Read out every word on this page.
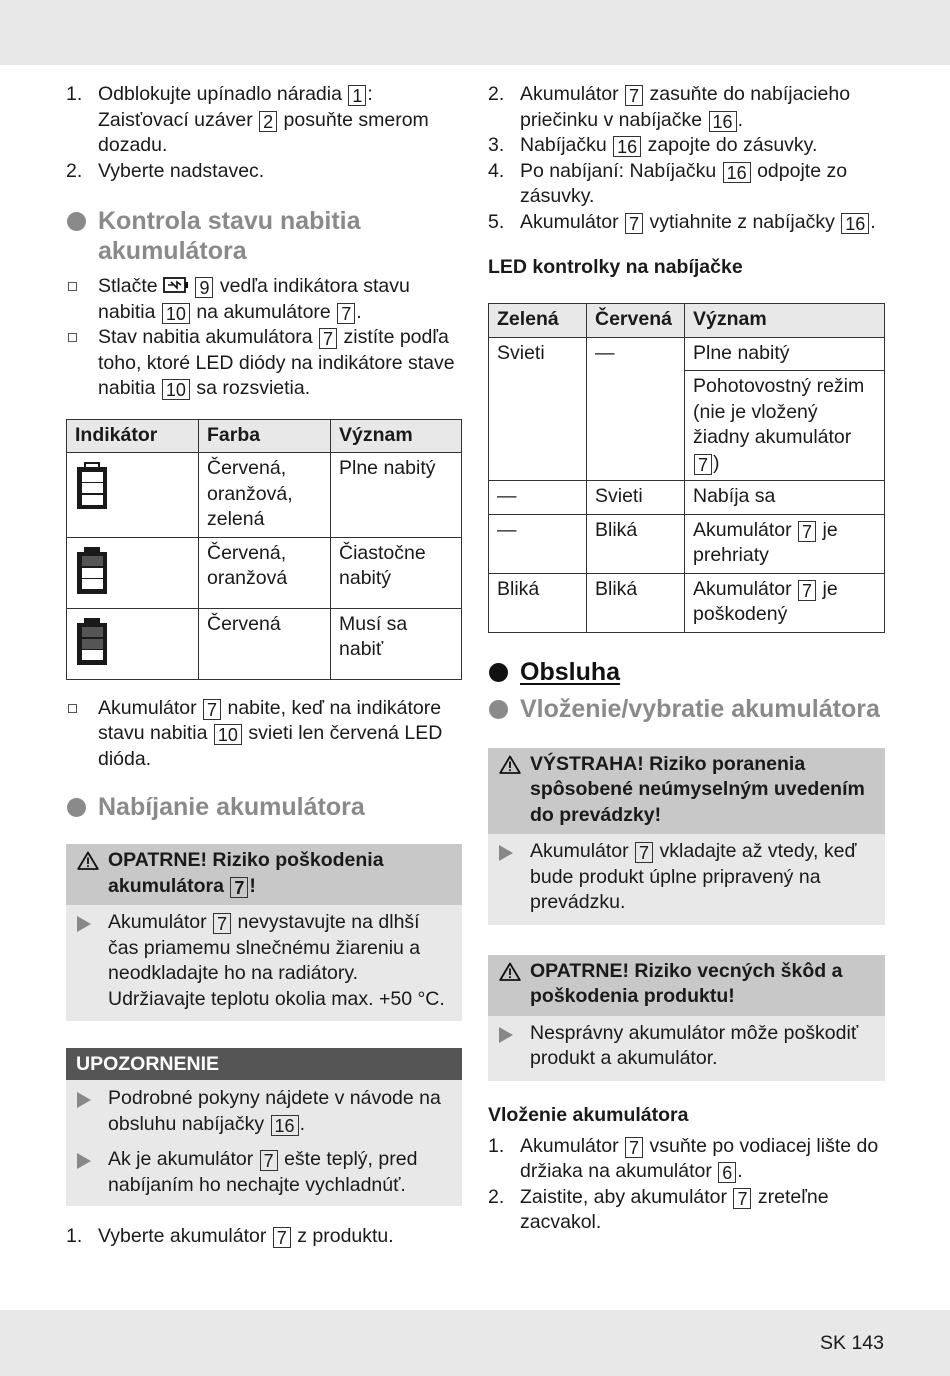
1. Odblokujte upínadlo náradia 1 : Zaisťovací uzáver 2 posuňte smerom dozadu.
2. Vyberte nadstavec.
Kontrola stavu nabitia akumulátora
Stlačte  9 vedľa indikátora stavu nabitia 10 na akumulátore 7 .
Stav nabitia akumulátora 7 zistíte podľa toho, ktoré LED diódy na indikátore stave nabitia 10 sa rozsvietia.
Indikátor	Farba	Význam

	Červená, oranžová, zelená	Plne nabitý

	Červená, oranžová	Čiastočne nabitý

	Červená	Musí sa nabiť
Akumulátor 7 nabite, keď na indikátore stavu nabitia 10 svieti len červená LED dióda.
Nabíjanie akumulátora
OPATRNE! Riziko poškodenia akumulátora 7 !
Akumulátor 7 nevystavujte na dlhší čas priamemu slnečnému žiareniu a neodkladajte ho na radiátory. Udržiavajte teplotu okolia max. +50 °C.
UPOZORNENIE
Podrobné pokyny nájdete v návode na obsluhu nabíjačky 16 .
Ak je akumulátor 7 ešte teplý, pred nabíjaním ho nechajte vychladnúť.
1. Vyberte akumulátor 7 z produktu.
2. Akumulátor 7 zasuňte do nabíjacieho priečinku v nabíjačke 16 .
3. Nabíjačku 16 zapojte do zásuvky.
4. Po nabíjaní: Nabíjačku 16 odpojte zo zásuvky.
5. Akumulátor 7 vytiahnite z nabíjačky 16 .
LED kontrolky na nabíjačke
Zelená	Červená	Význam
Svieti	—	Plne nabitý
		Pohotovostný režim (nie je vložený žiadny akumulátor 7 )
—	Svieti	Nabíja sa
—	Bliká	Akumulátor 7 je prehriaty
Bliká	Bliká	Akumulátor 7 je poškodený
Obsluha
Vloženie/vybratie akumulátora
VÝSTRAHA! Riziko poranenia spôsobené neúmyselným uvedením do prevádzky!
Akumulátor 7 vkladajte až vtedy, keď bude produkt úplne pripravený na prevádzku.
OPATRNE! Riziko vecných škôd a poškodenia produktu!
Nesprávny akumulátor môže poškodiť produkt a akumulátor.
Vloženie akumulátora
1. Akumulátor 7 vsuňte po vodiacej lište do držiaka na akumulátor 6 .
2. Zaistite, aby akumulátor 7 zreteľne zacvakol.
SK 143
